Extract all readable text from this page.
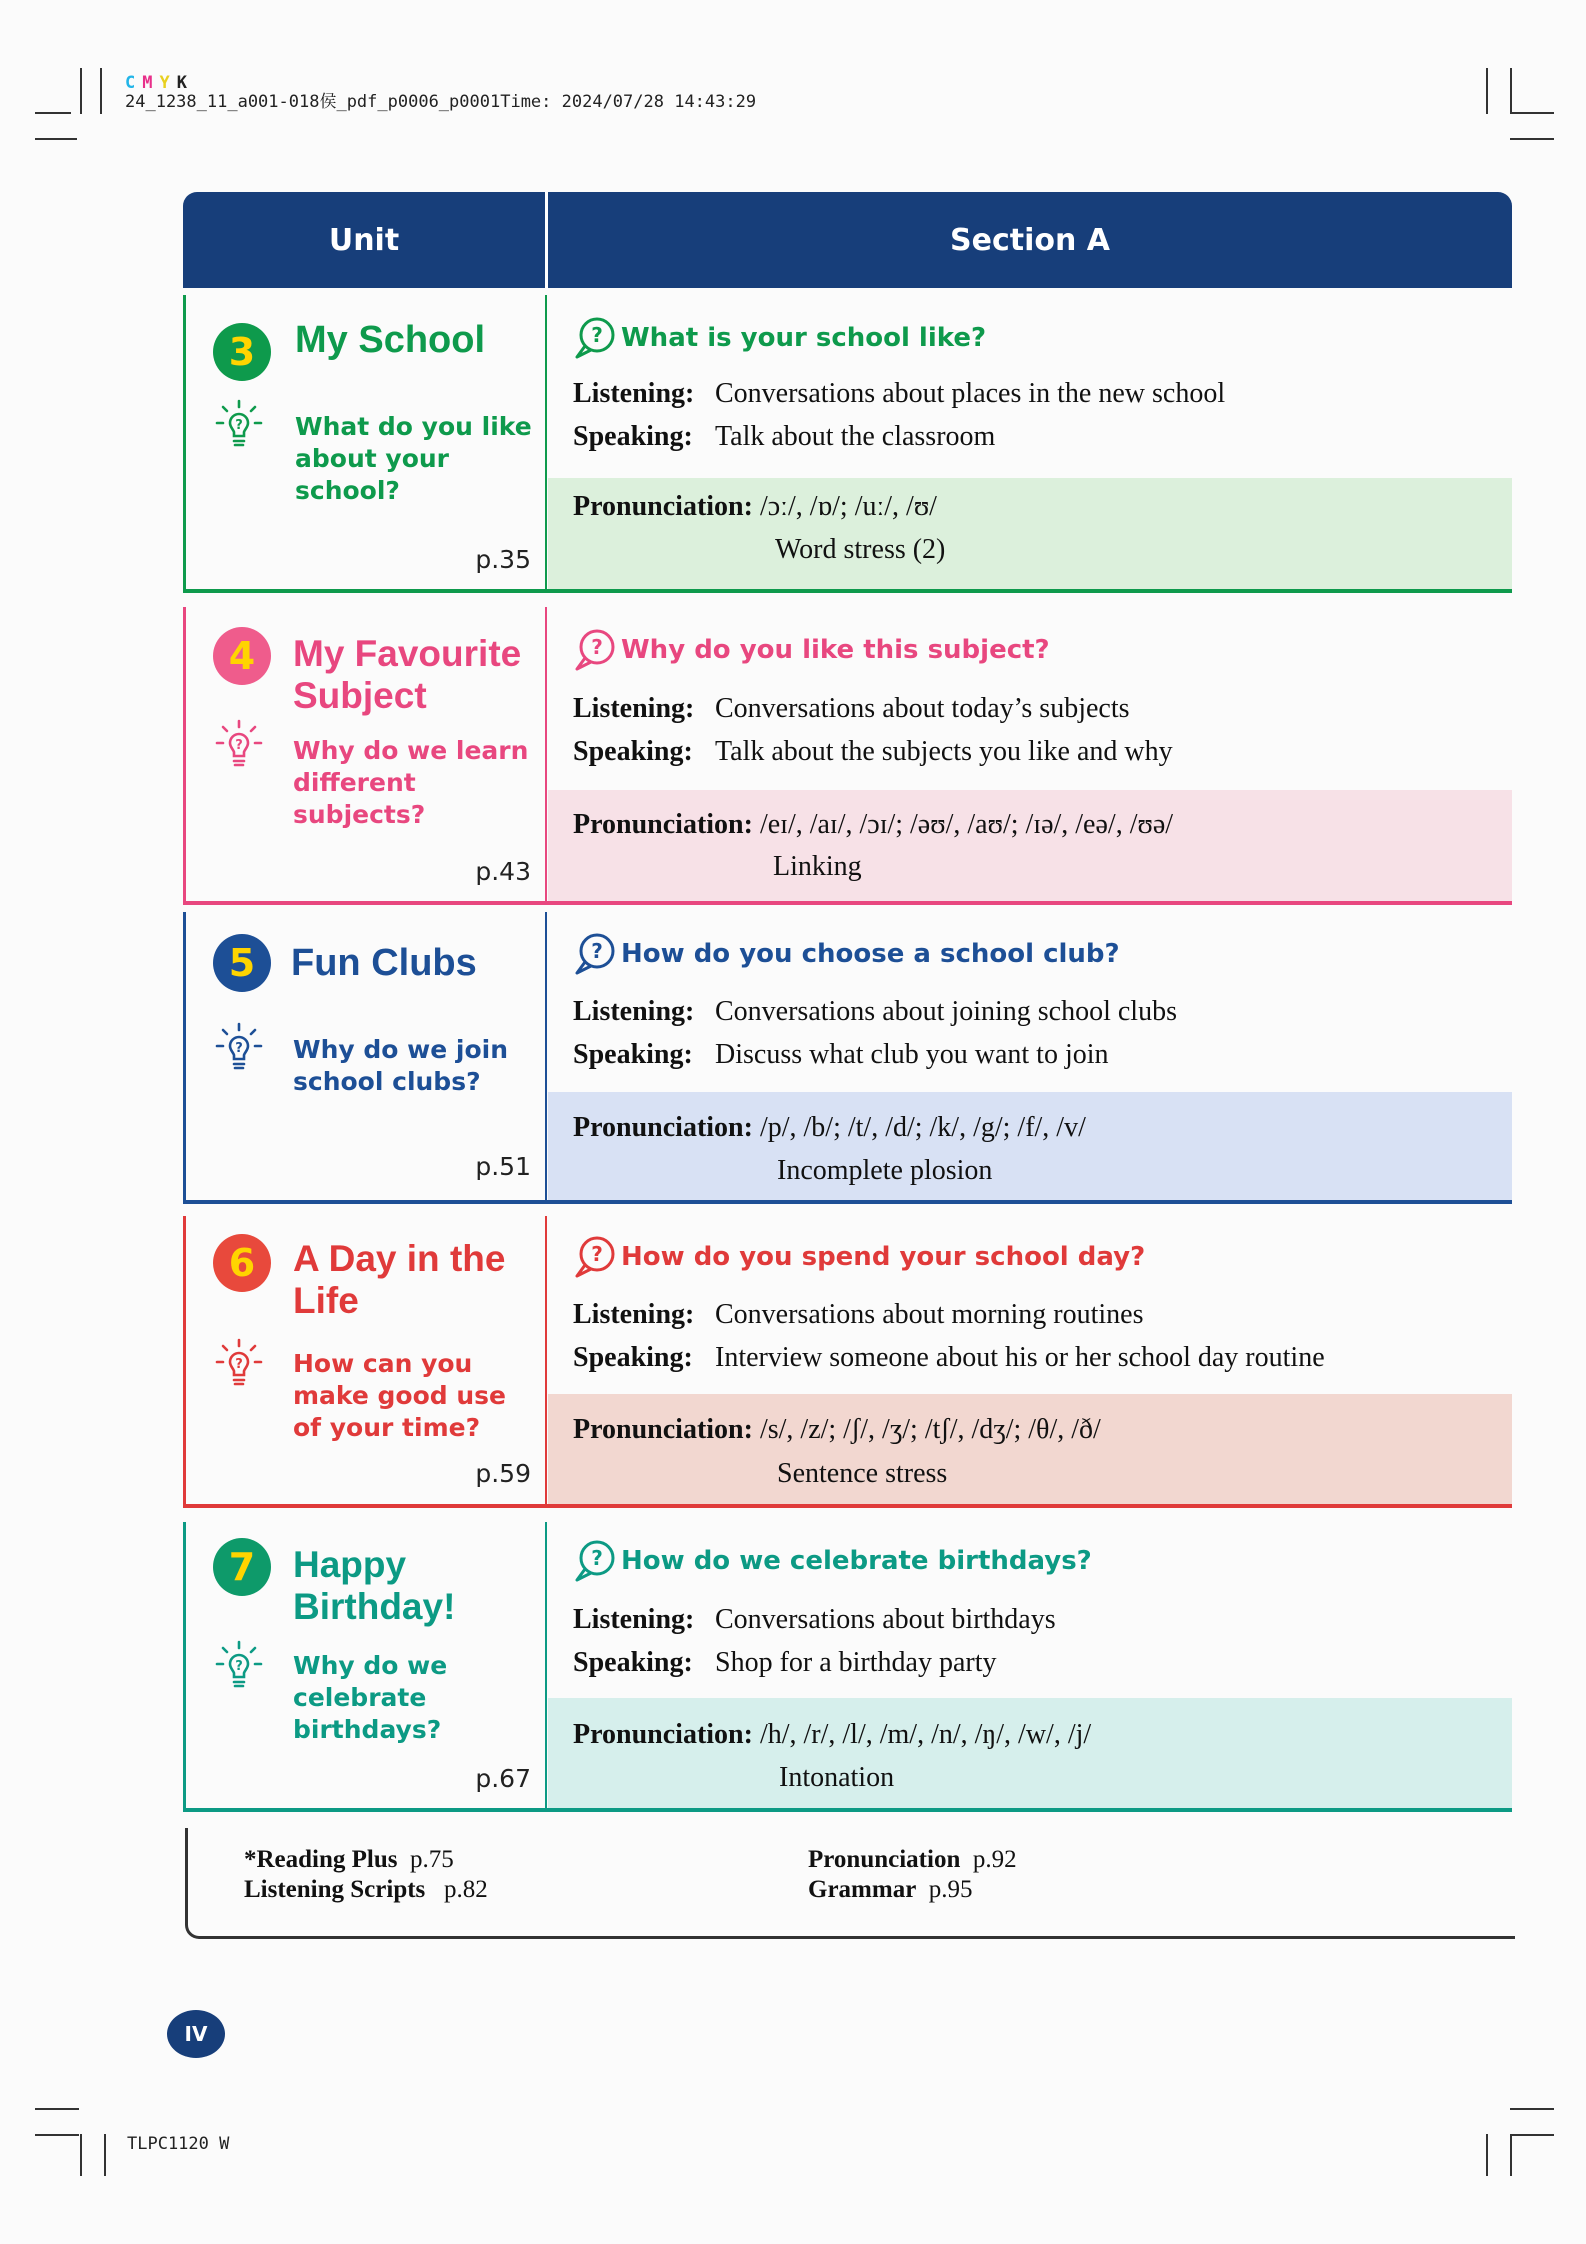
C M Y K
24_1238_11_a001-018侯_pdf_p0006_p0001Time: 2024/07/28 14:43:29
Unit	Section A
3 My School
? What do you like about your school?
p.35
? What is your school like?
Listening: Conversations about places in the new school
Speaking: Talk about the classroom
Pronunciation: /ɔː/, /ɒ/; /uː/, /ʊ/
Word stress (2)
4 My Favourite Subject
? Why do we learn different subjects?
p.43
? Why do you like this subject?
Listening: Conversations about today’s subjects
Speaking: Talk about the subjects you like and why
Pronunciation: /eɪ/, /aɪ/, /ɔɪ/; /əʊ/, /aʊ/; /ɪə/, /eə/, /ʊə/
Linking
5 Fun Clubs
? Why do we join school clubs?
p.51
? How do you choose a school club?
Listening: Conversations about joining school clubs
Speaking: Discuss what club you want to join
Pronunciation: /p/, /b/; /t/, /d/; /k/, /g/; /f/, /v/
Incomplete plosion
6 A Day in the Life
? How can you make good use of your time?
p.59
? How do you spend your school day?
Listening: Conversations about morning routines
Speaking: Interview someone about his or her school day routine
Pronunciation: /s/, /z/; /ʃ/, /ʒ/; /tʃ/, /dʒ/; /θ/, /ð/
Sentence stress
7 Happy Birthday!
? Why do we celebrate birthdays?
p.67
? How do we celebrate birthdays?
Listening: Conversations about birthdays
Speaking: Shop for a birthday party
Pronunciation: /h/, /r/, /l/, /m/, /n/, /ŋ/, /w/, /j/
Intonation
*Reading Plus p.75
Listening Scripts p.82
Pronunciation p.92
Grammar p.95
IV
TLPC1120 W
